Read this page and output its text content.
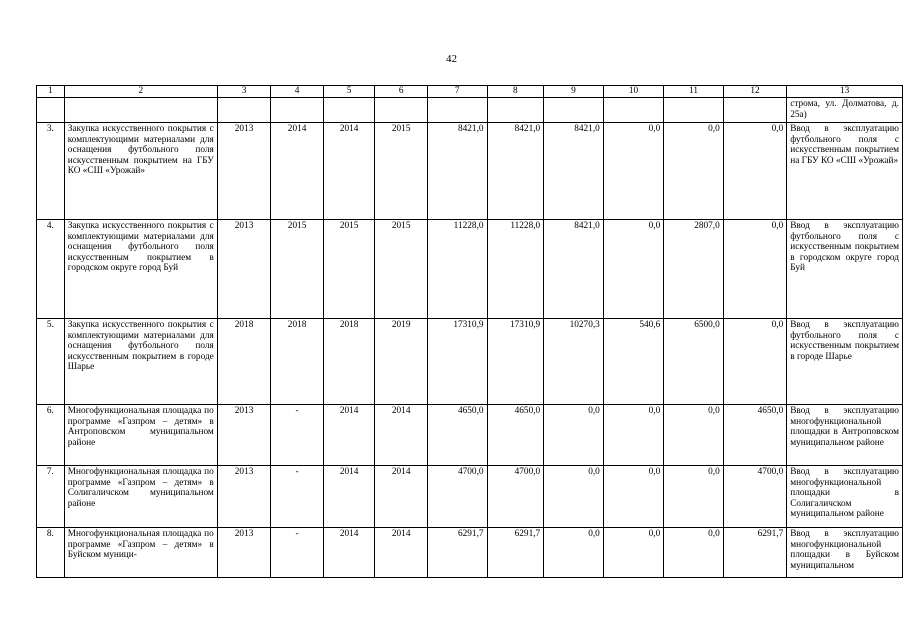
42
1	2	3	4	5	6	7	8	9	10	11	12	13
												строма, ул. Долматова, д. 25а)
3.	Закупка искусственного покрытия с комплектующими материалами для оснащения футбольного поля искусственным покрытием на ГБУ КО «СШ «Урожай»	2013	2014	2014	2015	8421,0	8421,0	8421,0	0,0	0,0	0,0	Ввод в эксплуатацию футбольного поля с искусственным покрытием на ГБУ КО «СШ «Урожай»
4.	Закупка искусственного покрытия с комплектующими материалами для оснащения футбольного поля искусственным покрытием в городском округе город Буй	2013	2015	2015	2015	11228,0	11228,0	8421,0	0,0	2807,0	0,0	Ввод в эксплуатацию футбольного поля с искусственным покрытием в городском округе город Буй
5.	Закупка искусственного покрытия с комплектующими материалами для оснащения футбольного поля искусственным покрытием в городе Шарье	2018	2018	2018	2019	17310,9	17310,9	10270,3	540,6	6500,0	0,0	Ввод в эксплуатацию футбольного поля с искусственным покрытием в городе Шарье
6.	Многофункциональная площадка по программе «Газпром – детям» в Антроповском муниципальном районе	2013	-	2014	2014	4650,0	4650,0	0,0	0,0	0,0	4650,0	Ввод в эксплуатацию многофункциональной площадки в Антроповском муниципальном районе
7.	Многофункциональная площадка по программе «Газпром – детям» в Солигаличском муниципальном районе	2013	-	2014	2014	4700,0	4700,0	0,0	0,0	0,0	4700,0	Ввод в эксплуатацию многофункциональной площадки в Солигаличском муниципальном районе
8.	Многофункциональная площадка по программе «Газпром – детям» в Буйском муници-	2013	-	2014	2014	6291,7	6291,7	0,0	0,0	0,0	6291,7	Ввод в эксплуатацию многофункциональной площадки в Буйском муниципальном
